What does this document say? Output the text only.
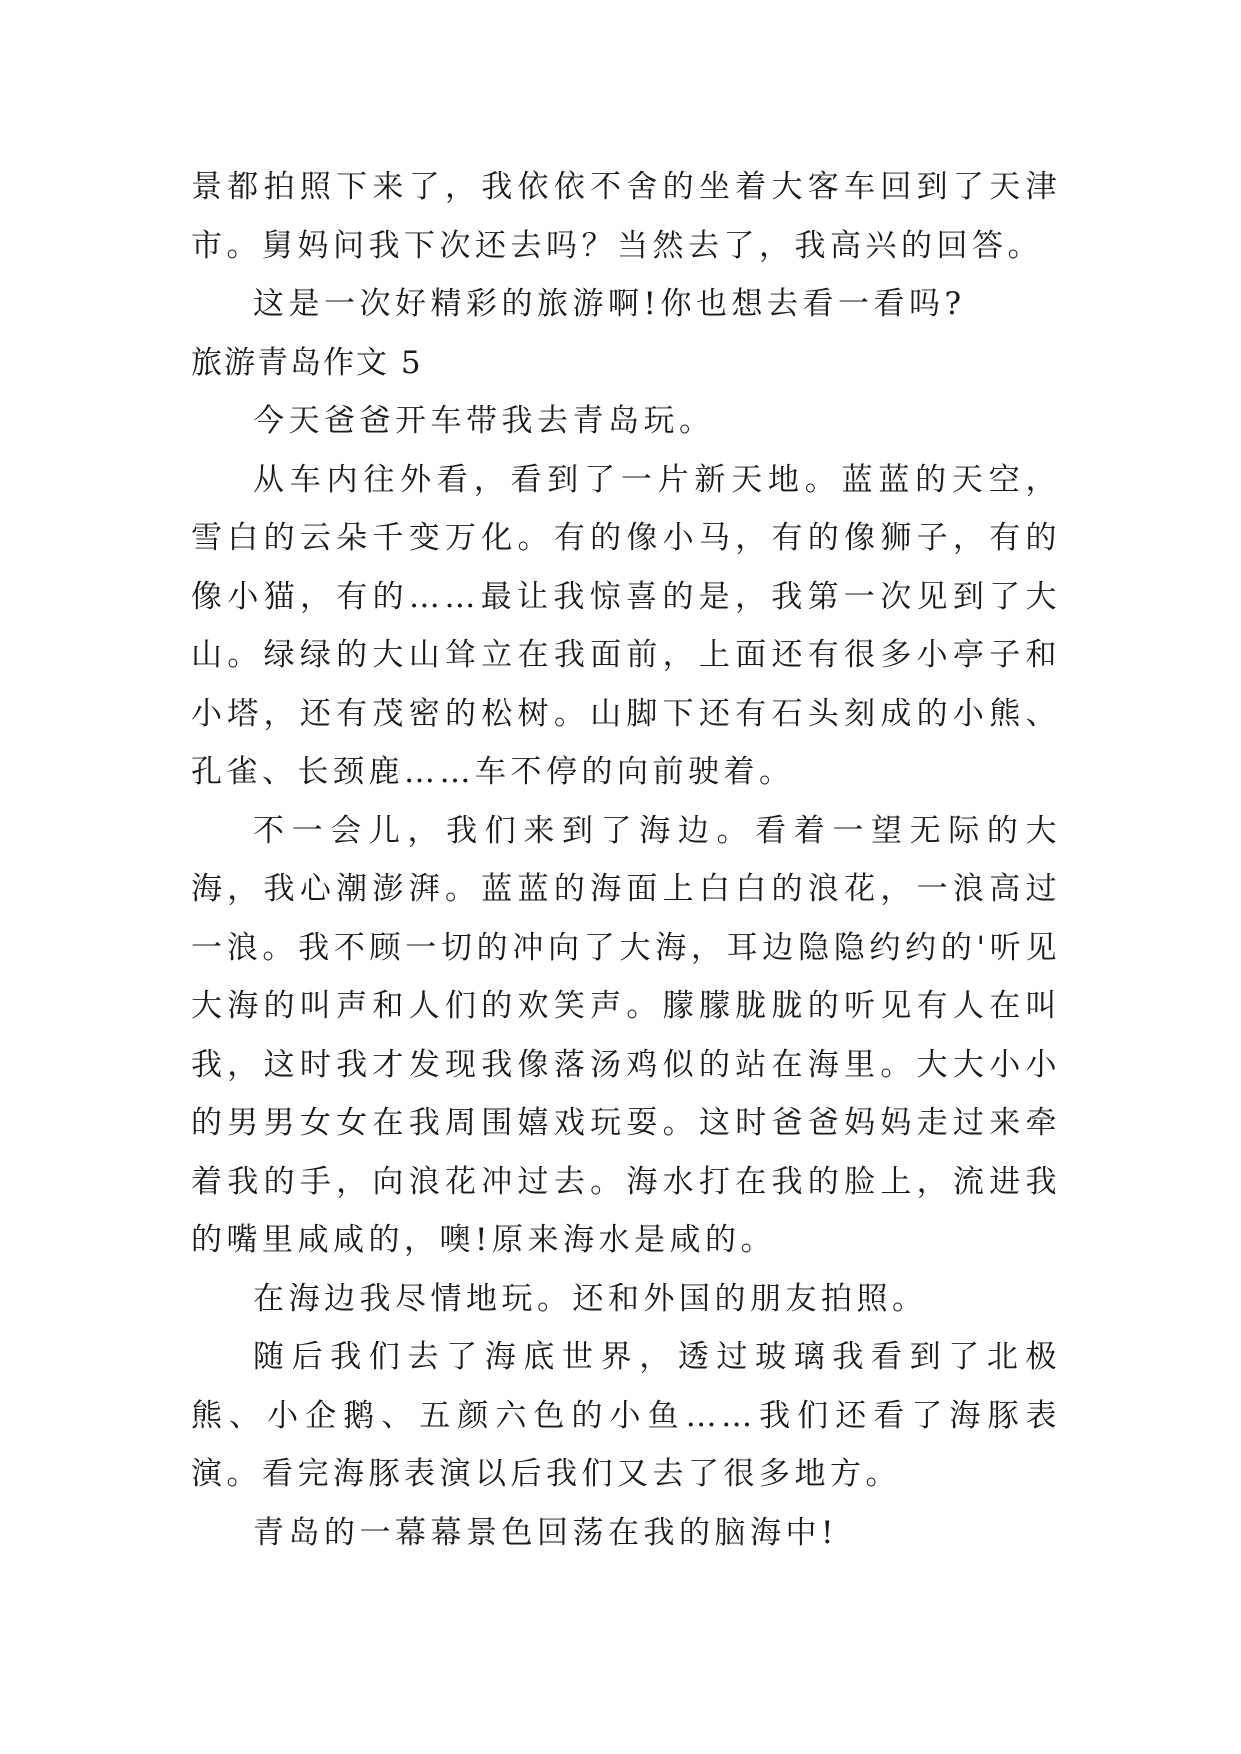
景都拍照下来了，我依依不舍的坐着大客车回到了天津市。舅妈问我下次还去吗？当然去了，我高兴的回答。

这是一次好精彩的旅游啊!你也想去看一看吗?

旅游青岛作文 5

今天爸爸开车带我去青岛玩。

从车内往外看，看到了一片新天地。蓝蓝的天空，雪白的云朵千变万化。有的像小马，有的像狮子，有的像小猫，有的……最让我惊喜的是，我第一次见到了大山。绿绿的大山耸立在我面前，上面还有很多小亭子和小塔，还有茂密的松树。山脚下还有石头刻成的小熊、孔雀、长颈鹿……车不停的向前驶着。

不一会儿，我们来到了海边。看着一望无际的大海，我心潮澎湃。蓝蓝的海面上白白的浪花，一浪高过一浪。我不顾一切的冲向了大海，耳边隐隐约约的'听见大海的叫声和人们的欢笑声。朦朦胧胧的听见有人在叫我，这时我才发现我像落汤鸡似的站在海里。大大小小的男男女女在我周围嬉戏玩耍。这时爸爸妈妈走过来牵着我的手，向浪花冲过去。海水打在我的脸上，流进我的嘴里咸咸的，噢!原来海水是咸的。

在海边我尽情地玩。还和外国的朋友拍照。

随后我们去了海底世界，透过玻璃我看到了北极熊、小企鹅、五颜六色的小鱼……我们还看了海豚表演。看完海豚表演以后我们又去了很多地方。

青岛的一幕幕景色回荡在我的脑海中!
